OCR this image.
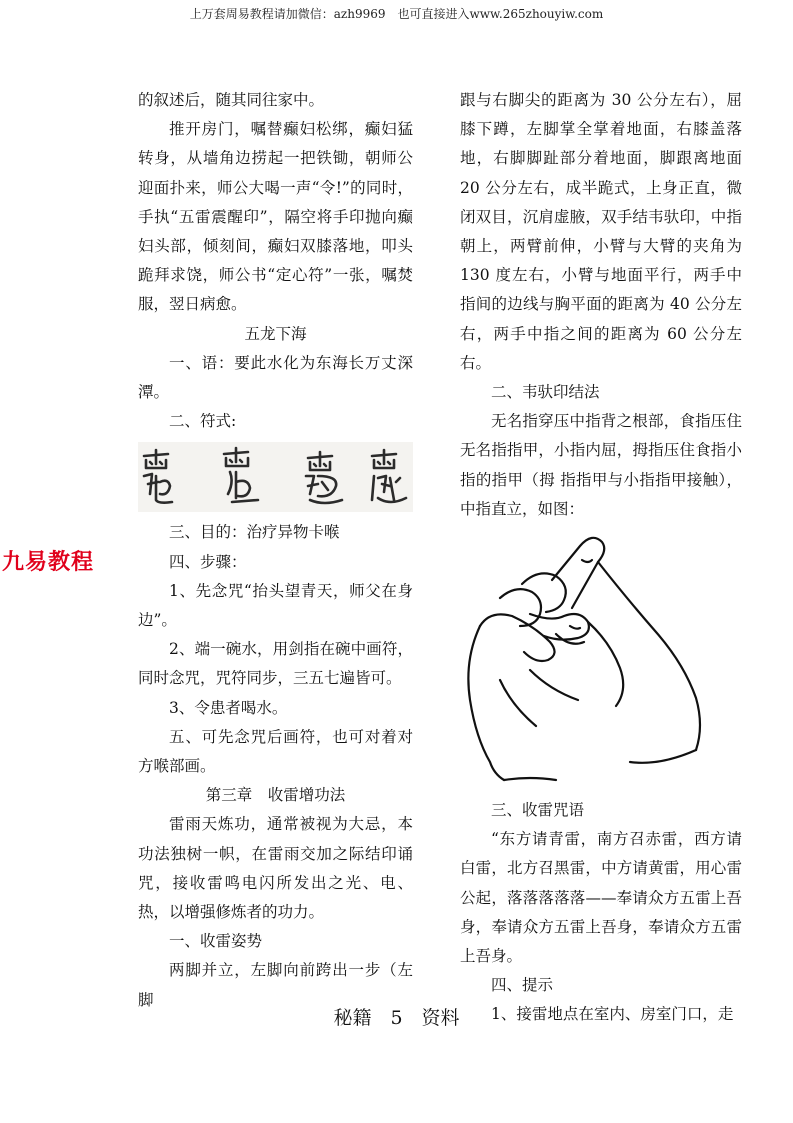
上万套周易教程请加微信：azh9969　也可直接进入www.265zhouyiw.com

的叙述后，随其同往家中。

推开房门，嘱替癫妇松绑，癫妇猛转身，从墙角边捞起一把铁锄，朝师公迎面扑来，师公大喝一声“令!”的同时，手执“五雷震醒印”，隔空将手印抛向癫妇头部，倾刻间，癫妇双膝落地，叩头跪拜求饶，师公书“定心符”一张，嘱焚服，翌日病愈。

五龙下海

一、语：要此水化为东海长万丈深潭。

二、符式:

三、目的：治疗异物卡喉

四、步骤：

1、先念咒“抬头望青天，师父在身边”。

2、端一碗水，用剑指在碗中画符，同时念咒，咒符同步，三五七遍皆可。

3、令患者喝水。

五、可先念咒后画符，也可对着对方喉部画。

第三章　收雷增功法

雷雨天炼功，通常被视为大忌，本功法独树一帜，在雷雨交加之际结印诵咒，接收雷鸣电闪所发出之光、电、热，以增强修炼者的功力。

一、收雷姿势

两脚并立，左脚向前跨出一步（左脚

跟与右脚尖的距离为 30 公分左右），屈膝下蹲，左脚掌全掌着地面，右膝盖落地，右脚脚趾部分着地面，脚跟离地面 20 公分左右，成半跪式，上身正直，微闭双目，沉肩虚腋，双手结韦驮印，中指朝上，两臂前伸，小臂与大臂的夹角为 130 度左右，小臂与地面平行，两手中指间的边线与胸平面的距离为 40 公分左右，两手中指之间的距离为 60 公分左右。

二、韦驮印结法

无名指穿压中指背之根部，食指压住无名指指甲，小指内屈，拇指压住食指小指的指甲（拇 指指甲与小指指甲接触），中指直立，如图：

三、收雷咒语

“东方请青雷，南方召赤雷，西方请白雷，北方召黑雷，中方请黄雷，用心雷公起，落落落落落——奉请众方五雷上吾身，奉请众方五雷上吾身，奉请众方五雷上吾身。

四、提示

1、接雷地点在室内、房室门口，走

九易教程
秘籍　5　资料
